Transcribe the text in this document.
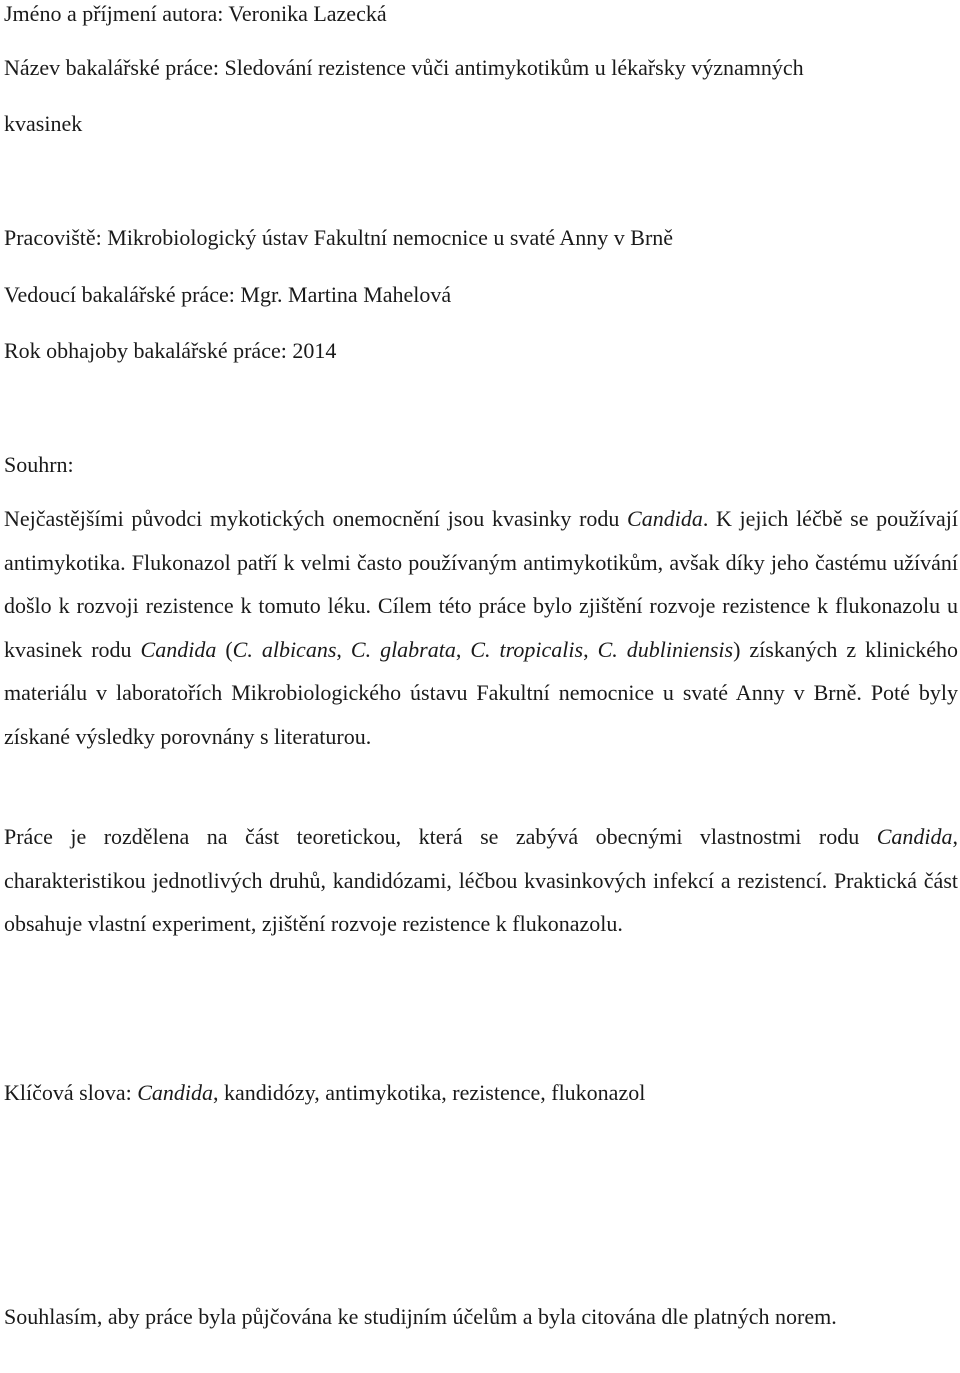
Jméno a příjmení autora: Veronika Lazecká
Název bakalářské práce: Sledování rezistence vůči antimykotikům u lékařsky významných
kvasinek
Pracoviště: Mikrobiologický ústav Fakultní nemocnice u svaté Anny v Brně
Vedoucí bakalářské práce: Mgr. Martina Mahelová
Rok obhajoby bakalářské práce: 2014
Souhrn:
Nejčastějšími původci mykotických onemocnění jsou kvasinky rodu Candida. K jejich léčbě se používají antimykotika. Flukonazol patří k velmi často používaným antimykotikům, avšak díky jeho častému užívání došlo k rozvoji rezistence k tomuto léku. Cílem této práce bylo zjištění rozvoje rezistence k flukonazolu u kvasinek rodu Candida (C. albicans, C. glabrata, C. tropicalis, C. dubliniensis) získaných z klinického materiálu v laboratořích Mikrobiologického ústavu Fakultní nemocnice u svaté Anny v Brně. Poté byly získané výsledky porovnány s literaturou.
Práce je rozdělena na část teoretickou, která se zabývá obecnými vlastnostmi rodu Candida, charakteristikou jednotlivých druhů, kandidózami, léčbou kvasinkových infekcí a rezistencí. Praktická část obsahuje vlastní experiment, zjištění rozvoje rezistence k flukonazolu.
Klíčová slova: Candida, kandidózy, antimykotika, rezistence, flukonazol
Souhlasím, aby práce byla půjčována ke studijním účelům a byla citována dle platných norem.
